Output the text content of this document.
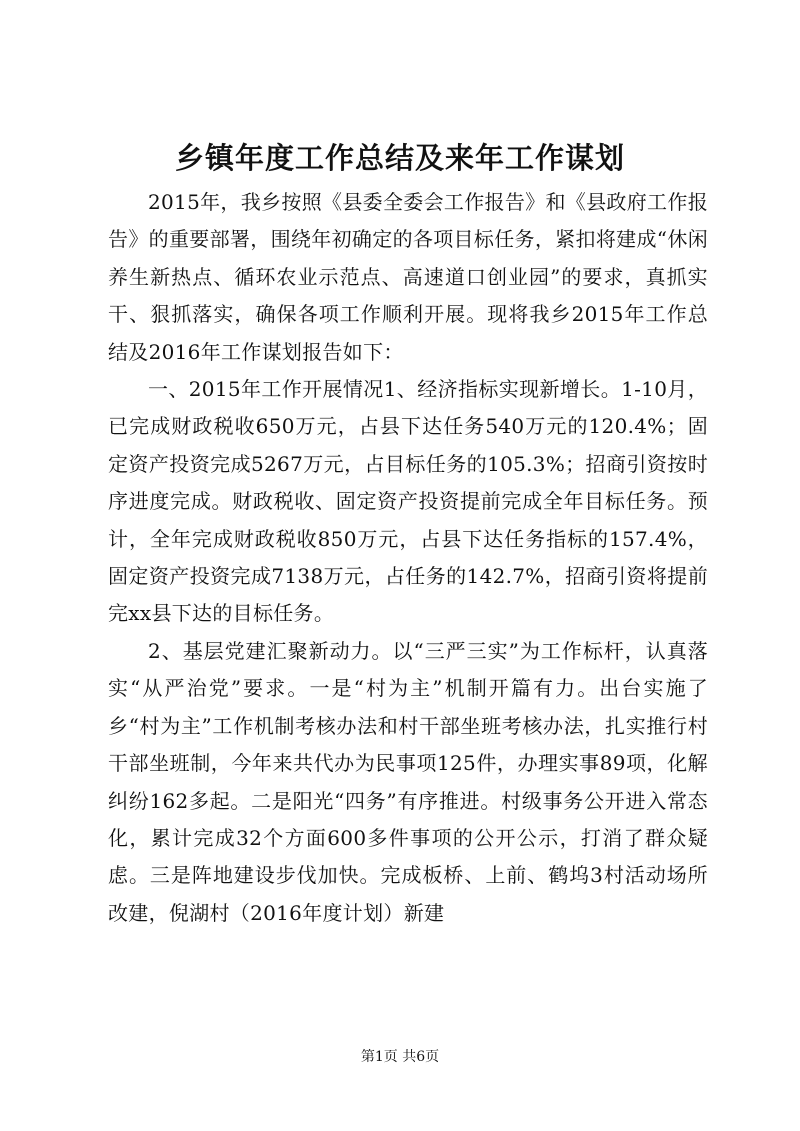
乡镇年度工作总结及来年工作谋划

2015年，我乡按照《县委全委会工作报告》和《县政府工作报告》的重要部署，围绕年初确定的各项目标任务，紧扣将建成“休闲养生新热点、循环农业示范点、高速道口创业园”的要求，真抓实干、狠抓落实，确保各项工作顺利开展。现将我乡2015年工作总结及2016年工作谋划报告如下：

一、2015年工作开展情况1、经济指标实现新增长。1-10月，已完成财政税收650万元，占县下达任务540万元的120.4%；固定资产投资完成5267万元，占目标任务的105.3%；招商引资按时序进度完成。财政税收、固定资产投资提前完成全年目标任务。预计，全年完成财政税收850万元，占县下达任务指标的157.4%，固定资产投资完成7138万元，占任务的142.7%，招商引资将提前完xx县下达的目标任务。

2、基层党建汇聚新动力。以“三严三实”为工作标杆，认真落实“从严治党”要求。一是“村为主”机制开篇有力。出台实施了乡“村为主”工作机制考核办法和村干部坐班考核办法，扎实推行村干部坐班制，今年来共代办为民事项125件，办理实事89项，化解纠纷162多起。二是阳光“四务”有序推进。村级事务公开进入常态化，累计完成32个方面600多件事项的公开公示，打消了群众疑虑。三是阵地建设步伐加快。完成板桥、上前、鹤坞3村活动场所改建，倪湖村（2016年度计划）新建

第1页 共6页
